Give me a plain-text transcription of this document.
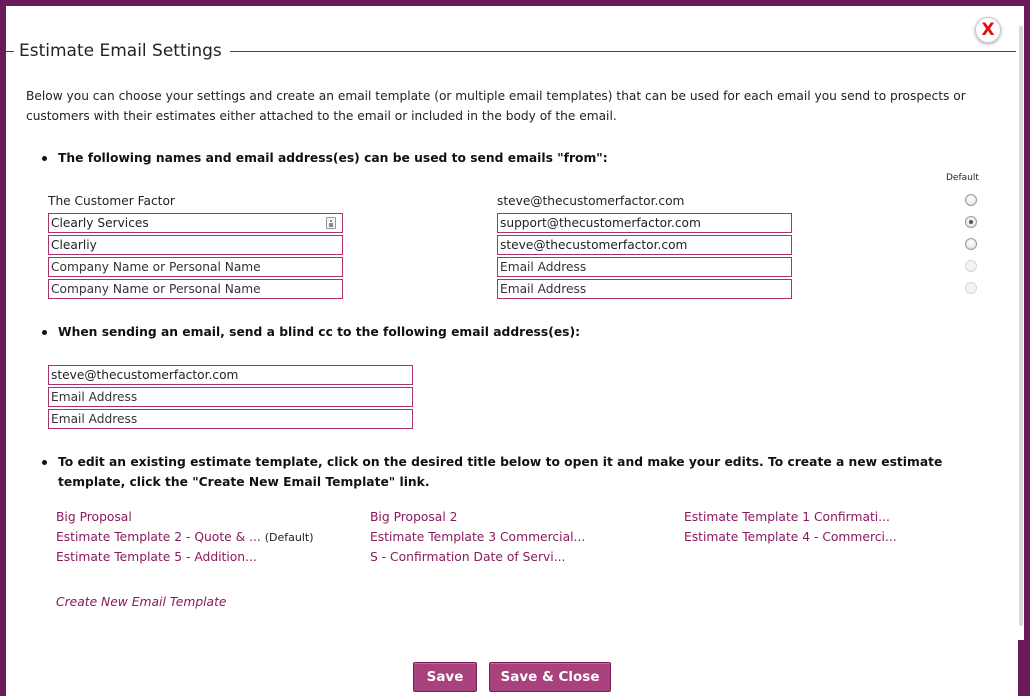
X
Estimate Email Settings
Below you can choose your settings and create an email template (or multiple email templates) that can be used for each email you send to prospects or customers with their estimates either attached to the email or included in the body of the email.
The following names and email address(es) can be used to send emails "from":
Default
The Customer Factor	steve@thecustomerfactor.com
Clearly Services	support@thecustomerfactor.com
Clearliy	steve@thecustomerfactor.com
Company Name or Personal Name	Email Address
Company Name or Personal Name	Email Address
When sending an email, send a blind cc to the following email address(es):
steve@thecustomerfactor.com
Email Address
Email Address
To edit an existing estimate template, click on the desired title below to open it and make your edits. To create a new estimate template, click the "Create New Email Template" link.
Big Proposal	Big Proposal 2	Estimate Template 1 Confirmati...
Estimate Template 2 - Quote & ... (Default)	Estimate Template 3 Commercial...	Estimate Template 4 - Commerci...
Estimate Template 5 - Addition...	S - Confirmation Date of Servi...
Create New Email Template
Save	Save & Close
